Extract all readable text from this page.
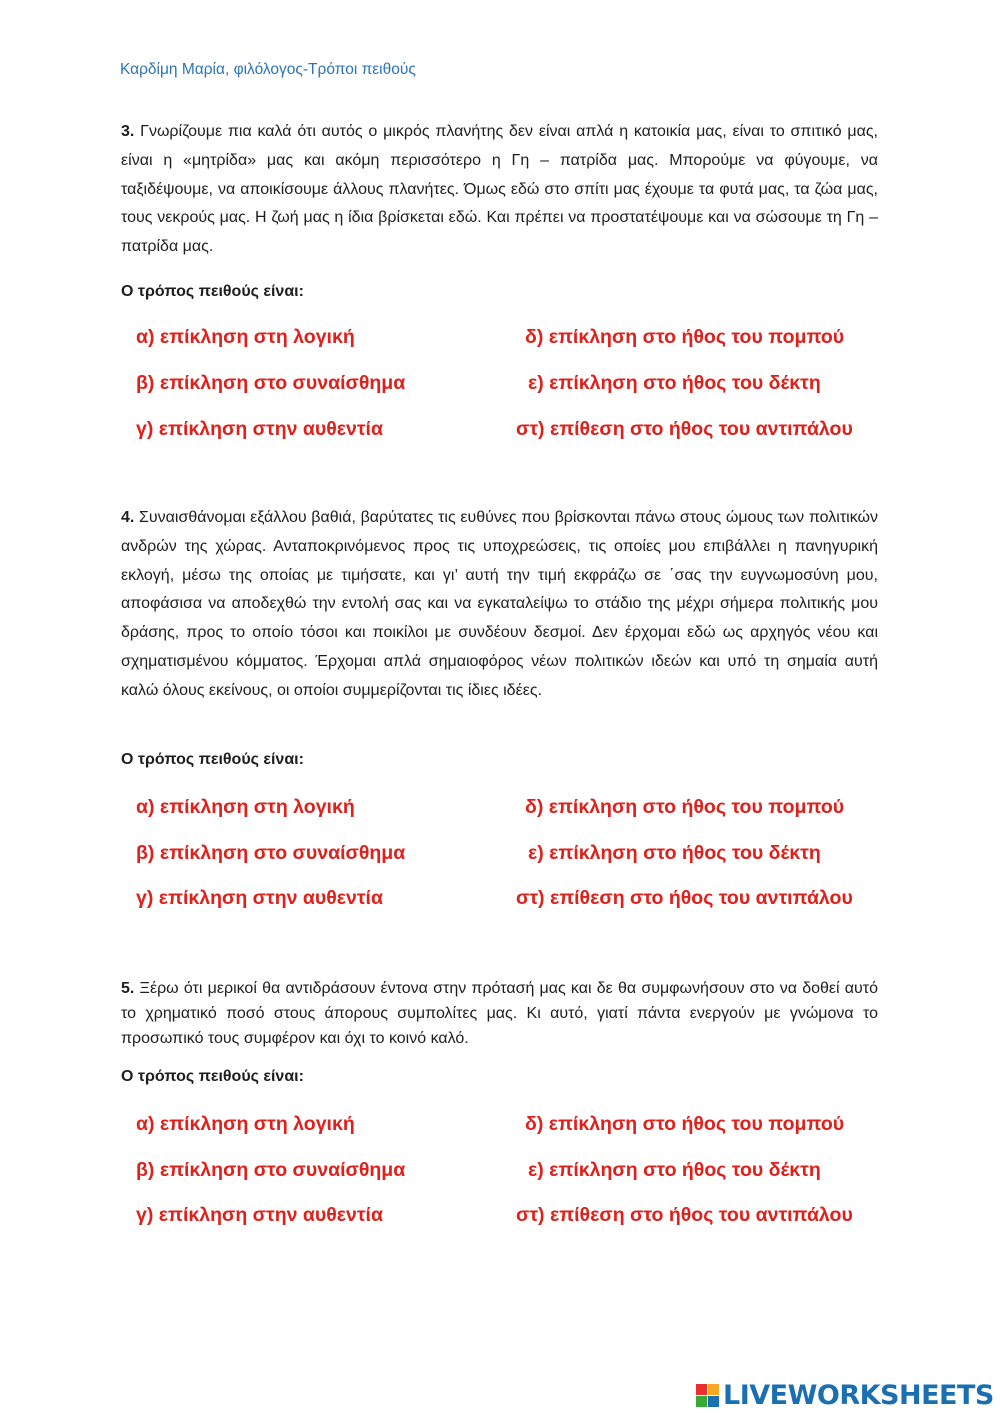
Καρδίμη Μαρία, φιλόλογος-Τρόποι πειθούς

3. Γνωρίζουμε πια καλά ότι αυτός ο μικρός πλανήτης δεν είναι απλά η κατοικία μας, είναι το σπιτικό μας, είναι η «μητρίδα» μας και ακόμη περισσότερο η Γη – πατρίδα μας. Μπορούμε να φύγουμε, να ταξιδέψουμε, να αποικίσουμε άλλους πλανήτες. Όμως εδώ στο σπίτι μας έχουμε τα φυτά μας, τα ζώα μας, τους νεκρούς μας. Η ζωή μας η ίδια βρίσκεται εδώ. Και πρέπει να προστατέψουμε και να σώσουμε τη Γη – πατρίδα μας.

Ο τρόπος πειθούς είναι:
α) επίκληση στη λογική
β) επίκληση στο συναίσθημα
γ) επίκληση στην αυθεντία
δ) επίκληση στο ήθος του πομπού
ε) επίκληση στο ήθος του δέκτη
στ) επίθεση στο ήθος του αντιπάλου

4. Συναισθάνομαι εξάλλου βαθιά, βαρύτατες τις ευθύνες που βρίσκονται πάνω στους ώμους των πολιτικών ανδρών της χώρας. Ανταποκρινόμενος προς τις υποχρεώσεις, τις οποίες μου επιβάλλει η πανηγυρική εκλογή, μέσω της οποίας με τιμήσατε, και γι’ αυτή την τιμή εκφράζω σε ΄σας την ευγνωμοσύνη μου, αποφάσισα να αποδεχθώ την εντολή σας και να εγκαταλείψω το στάδιο της μέχρι σήμερα πολιτικής μου δράσης, προς το οποίο τόσοι και ποικίλοι με συνδέουν δεσμοί. Δεν έρχομαι εδώ ως αρχηγός νέου και σχηματισμένου κόμματος. Έρχομαι απλά σημαιοφόρος νέων πολιτικών ιδεών και υπό τη σημαία αυτή καλώ όλους εκείνους, οι οποίοι συμμερίζονται τις ίδιες ιδέες.

Ο τρόπος πειθούς είναι:
α) επίκληση στη λογική
β) επίκληση στο συναίσθημα
γ) επίκληση στην αυθεντία
δ) επίκληση στο ήθος του πομπού
ε) επίκληση στο ήθος του δέκτη
στ) επίθεση στο ήθος του αντιπάλου

5. Ξέρω ότι μερικοί θα αντιδράσουν έντονα στην πρότασή μας και δε θα συμφωνήσουν στο να δοθεί αυτό το χρηματικό ποσό στους άπορους συμπολίτες μας. Κι αυτό, γιατί πάντα ενεργούν με γνώμονα το προσωπικό τους συμφέρον και όχι το κοινό καλό.

Ο τρόπος πειθούς είναι:
α) επίκληση στη λογική
β) επίκληση στο συναίσθημα
γ) επίκληση στην αυθεντία
δ) επίκληση στο ήθος του πομπού
ε) επίκληση στο ήθος του δέκτη
στ) επίθεση στο ήθος του αντιπάλου
LIVEWORKSHEETS
